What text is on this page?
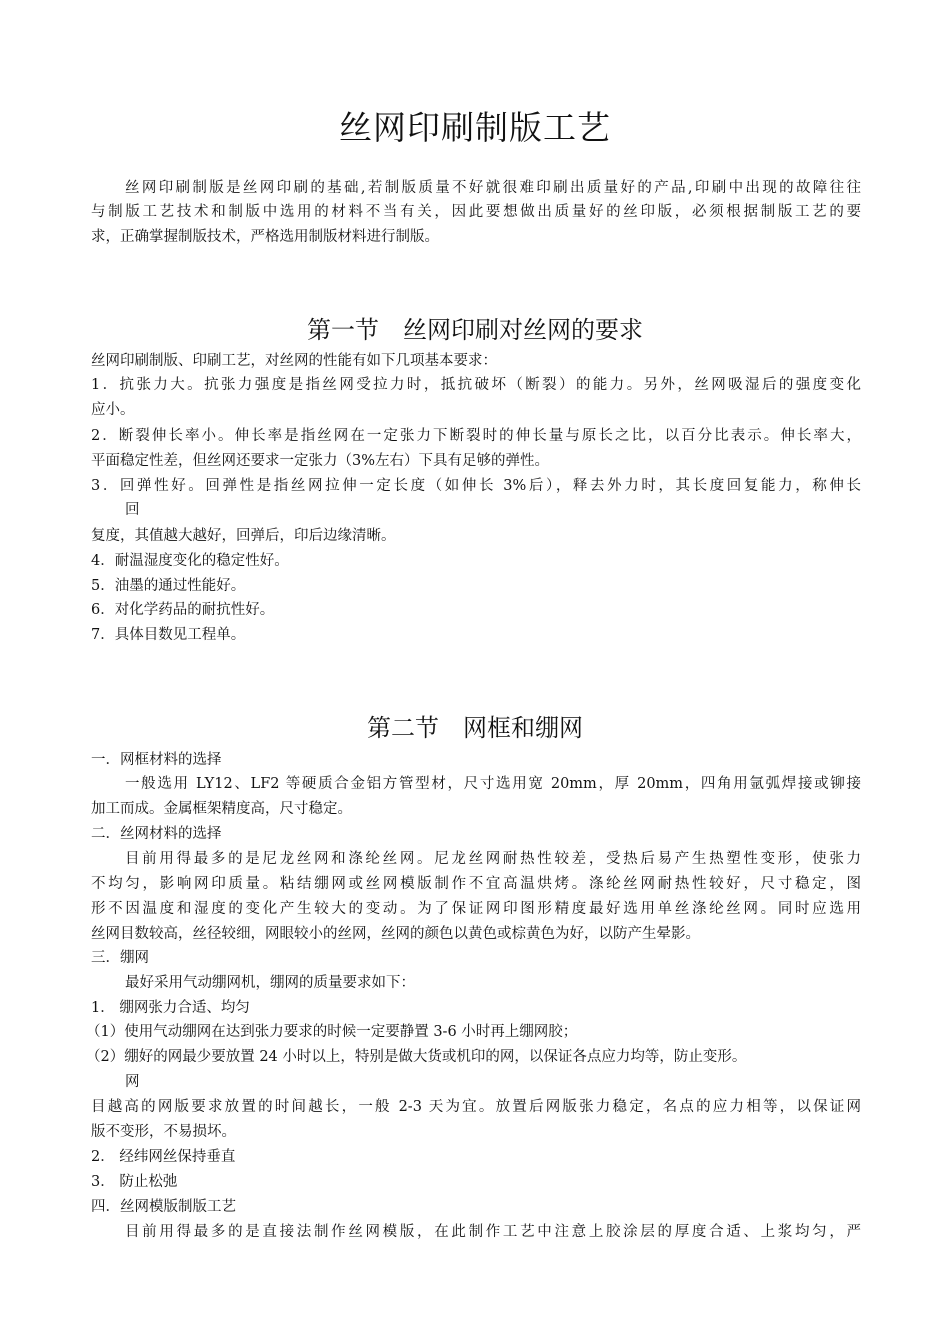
丝网印刷制版工艺

丝网印刷制版是丝网印刷的基础,若制版质量不好就很难印刷出质量好的产品,印刷中出现的故障往往

与制版工艺技术和制版中选用的材料不当有关，因此要想做出质量好的丝印版，必须根据制版工艺的要

求，正确掌握制版技术，严格选用制版材料进行制版。

第一节 丝网印刷对丝网的要求

丝网印刷制版、印刷工艺，对丝网的性能有如下几项基本要求：

1．抗张力大。抗张力强度是指丝网受拉力时，抵抗破坏（断裂）的能力。另外，丝网吸湿后的强度变化

应小。

2．断裂伸长率小。伸长率是指丝网在一定张力下断裂时的伸长量与原长之比，以百分比表示。伸长率大，

平面稳定性差，但丝网还要求一定张力（3%左右）下具有足够的弹性。

3．回弹性好。回弹性是指丝网拉伸一定长度（如伸长 3%后），释去外力时，其长度回复能力，称伸长

回

复度，其值越大越好，回弹后，印后边缘清晰。

4．耐温湿度变化的稳定性好。

5．油墨的通过性能好。

6．对化学药品的耐抗性好。

7．具体目数见工程单。

第二节 网框和绷网

一．网框材料的选择

一般选用 LY12、LF2 等硬质合金铝方管型材，尺寸选用宽 20mm，厚 20mm，四角用氩弧焊接或铆接

加工而成。金属框架精度高，尺寸稳定。

二．丝网材料的选择

目前用得最多的是尼龙丝网和涤纶丝网。尼龙丝网耐热性较差，受热后易产生热塑性变形，使张力

不均匀，影响网印质量。粘结绷网或丝网模版制作不宜高温烘烤。涤纶丝网耐热性较好，尺寸稳定，图

形不因温度和湿度的变化产生较大的变动。为了保证网印图形精度最好选用单丝涤纶丝网。同时应选用

丝网目数较高，丝径较细，网眼较小的丝网，丝网的颜色以黄色或棕黄色为好，以防产生晕影。

三．绷网

最好采用气动绷网机，绷网的质量要求如下：

1． 绷网张力合适、均匀

（1）使用气动绷网在达到张力要求的时候一定要静置 3-6 小时再上绷网胶；

（2）绷好的网最少要放置 24 小时以上，特别是做大货或机印的网，以保证各点应力均等，防止变形。

网

目越高的网版要求放置的时间越长，一般 2-3 天为宜。放置后网版张力稳定，名点的应力相等，以保证网

版不变形，不易损坏。

2． 经纬网丝保持垂直

3． 防止松弛

四．丝网模版制版工艺

目前用得最多的是直接法制作丝网模版，在此制作工艺中注意上胶涂层的厚度合适、上浆均匀，严
